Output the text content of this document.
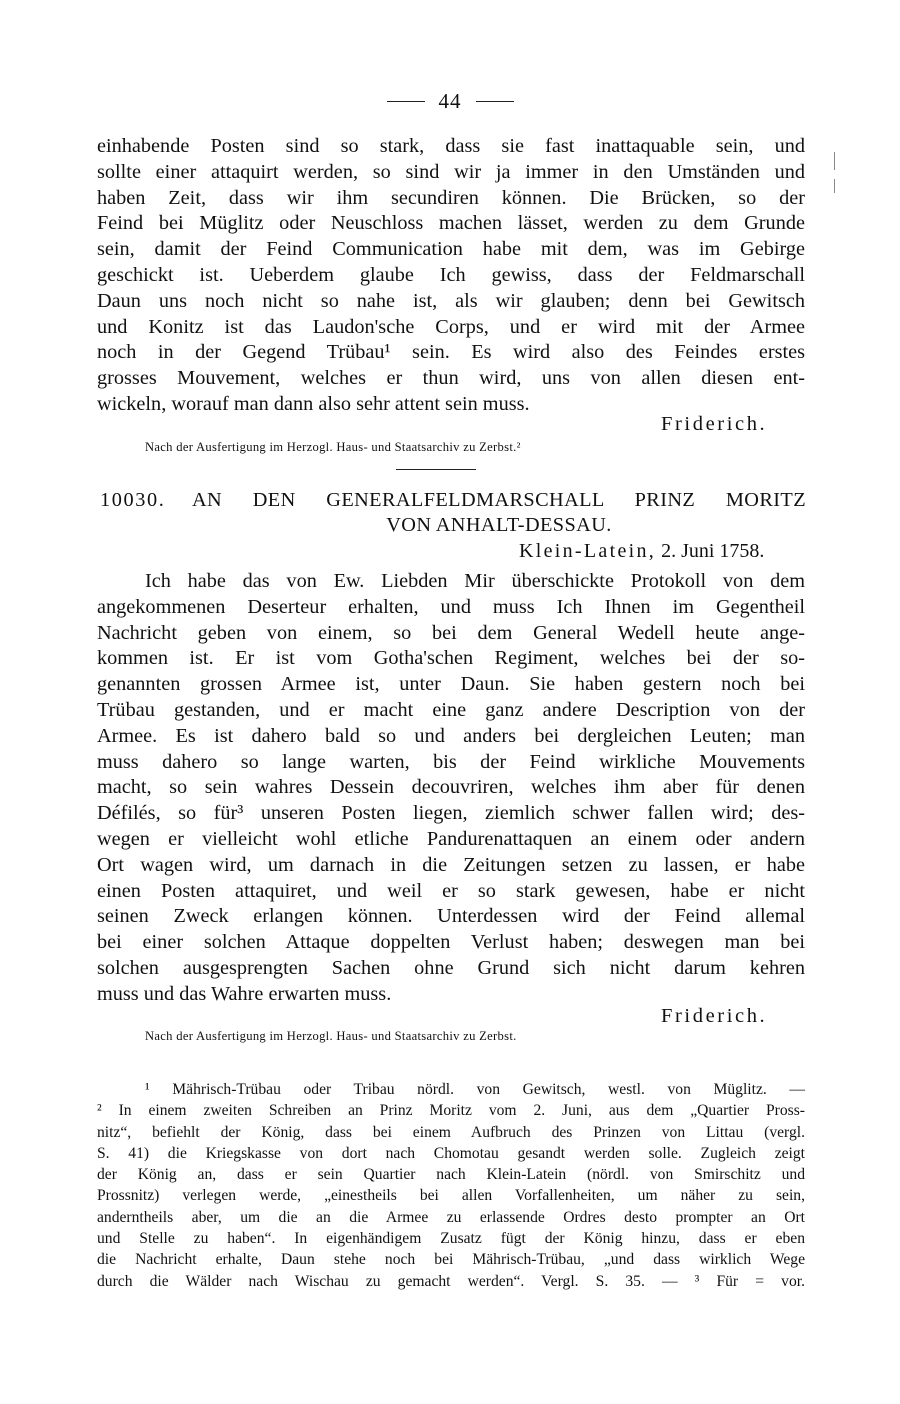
44
einhabende Posten sind so stark, dass sie fast inattaquable sein, und
sollte einer attaquirt werden, so sind wir ja immer in den Umständen und
haben Zeit, dass wir ihm secundiren können. Die Brücken, so der
Feind bei Müglitz oder Neuschloss machen lässet, werden zu dem Grunde
sein, damit der Feind Communication habe mit dem, was im Gebirge
geschickt ist. Ueberdem glaube Ich gewiss, dass der Feldmarschall
Daun uns noch nicht so nahe ist, als wir glauben; denn bei Gewitsch
und Konitz ist das Laudon'sche Corps, und er wird mit der Armee
noch in der Gegend Trübau¹ sein. Es wird also des Feindes erstes
grosses Mouvement, welches er thun wird, uns von allen diesen ent-
wickeln, worauf man dann also sehr attent sein muss.
Friderich.
Nach der Ausfertigung im Herzogl. Haus- und Staatsarchiv zu Zerbst.²
10030.	AN DEN GENERALFELDMARSCHALL PRINZ MORITZ
VON ANHALT-DESSAU.
Klein-Latein, 2. Juni 1758.
Ich habe das von Ew. Liebden Mir überschickte Protokoll von dem
angekommenen Deserteur erhalten, und muss Ich Ihnen im Gegentheil
Nachricht geben von einem, so bei dem General Wedell heute ange-
kommen ist. Er ist vom Gotha'schen Regiment, welches bei der so-
genannten grossen Armee ist, unter Daun. Sie haben gestern noch bei
Trübau gestanden, und er macht eine ganz andere Description von der
Armee. Es ist dahero bald so und anders bei dergleichen Leuten; man
muss dahero so lange warten, bis der Feind wirkliche Mouvements
macht, so sein wahres Dessein decouvriren, welches ihm aber für denen
Défilés, so für³ unseren Posten liegen, ziemlich schwer fallen wird; des-
wegen er vielleicht wohl etliche Pandurenattaquen an einem oder andern
Ort wagen wird, um darnach in die Zeitungen setzen zu lassen, er habe
einen Posten attaquiret, und weil er so stark gewesen, habe er nicht
seinen Zweck erlangen können. Unterdessen wird der Feind allemal
bei einer solchen Attaque doppelten Verlust haben; deswegen man bei
solchen ausgesprengten Sachen ohne Grund sich nicht darum kehren
muss und das Wahre erwarten muss.
Friderich.
Nach der Ausfertigung im Herzogl. Haus- und Staatsarchiv zu Zerbst.
¹ Mährisch-Trübau oder Tribau nördl. von Gewitsch, westl. von Müglitz. —
² In einem zweiten Schreiben an Prinz Moritz vom 2. Juni, aus dem „Quartier Pross-
nitz“, befiehlt der König, dass bei einem Aufbruch des Prinzen von Littau (vergl.
S. 41) die Kriegskasse von dort nach Chomotau gesandt werden solle. Zugleich zeigt
der König an, dass er sein Quartier nach Klein-Latein (nördl. von Smirschitz und
Prossnitz) verlegen werde, „einestheils bei allen Vorfallenheiten, um näher zu sein,
anderntheils aber, um die an die Armee zu erlassende Ordres desto prompter an Ort
und Stelle zu haben“. In eigenhändigem Zusatz fügt der König hinzu, dass er eben
die Nachricht erhalte, Daun stehe noch bei Mährisch-Trübau, „und dass wirklich Wege
durch die Wälder nach Wischau zu gemacht werden“. Vergl. S. 35. — ³ Für = vor.
